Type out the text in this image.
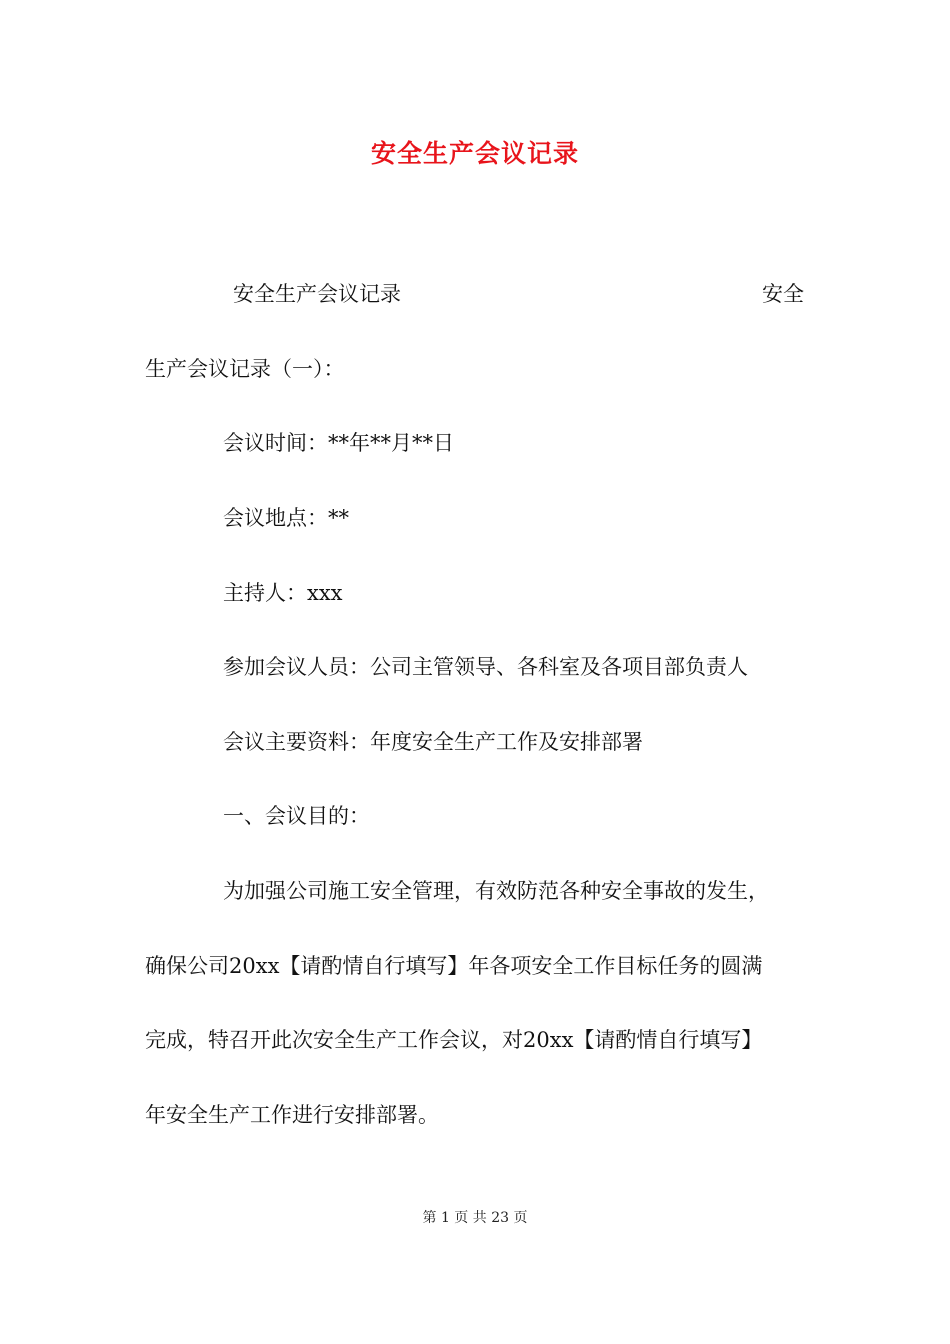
安全生产会议记录
安全生产会议记录	安全
生产会议记录（一）：
会议时间：**年**月**日
会议地点：**
主持人：xxx
参加会议人员：公司主管领导、各科室及各项目部负责人
会议主要资料：年度安全生产工作及安排部署
一、会议目的：
为加强公司施工安全管理，有效防范各种安全事故的发生，
确保公司20xx【请酌情自行填写】年各项安全工作目标任务的圆满
完成，特召开此次安全生产工作会议，对20xx【请酌情自行填写】
年安全生产工作进行安排部署。
第 1 页 共 23 页
